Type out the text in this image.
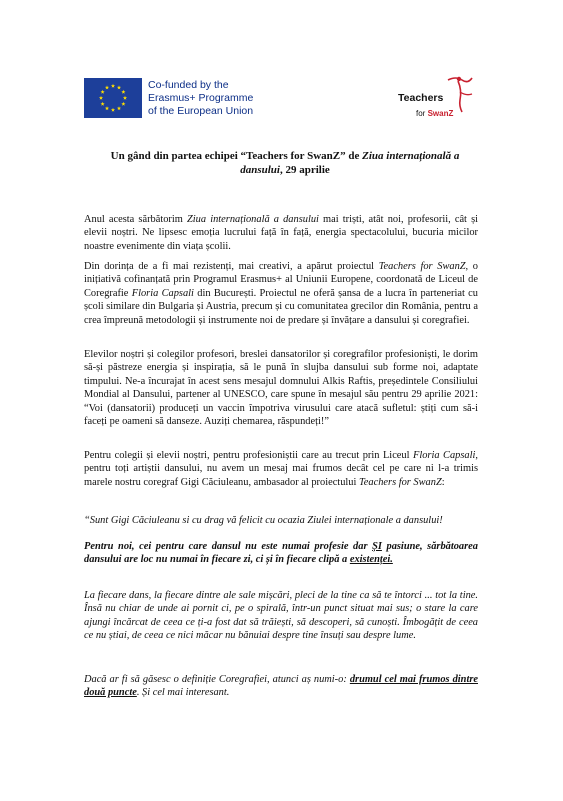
Co-funded by the
Erasmus+ Programme
of the European Union
Teachers
for SwanZ
Un gând din partea echipei “Teachers for SwanZ” de Ziua internațională a dansului, 29 aprilie

Anul acesta sărbătorim Ziua internațională a dansului mai triști, atât noi, profesorii, cât și elevii noștri. Ne lipsesc emoția lucrului față în față, energia spectacolului, bucuria micilor noastre evenimente din viața școlii.

Din dorința de a fi mai rezistenți, mai creativi, a apărut proiectul Teachers for SwanZ, o inițiativă cofinanțată prin Programul Erasmus+ al Uniunii Europene, coordonată de Liceul de Coregrafie Floria Capsali din București. Proiectul ne oferă șansa de a lucra în parteneriat cu școli similare din Bulgaria și Austria, precum și cu comunitatea grecilor din România, pentru a crea împreună metodologii și instrumente noi de predare și învățare a dansului și coregrafiei.

Elevilor noștri și colegilor profesori, breslei dansatorilor și coregrafilor profesioniști, le dorim să-și păstreze energia și inspirația, să le pună în slujba dansului sub forme noi, adaptate timpului. Ne-a încurajat în acest sens mesajul domnului Alkis Raftis, președintele Consiliului Mondial al Dansului, partener al UNESCO, care spune în mesajul său pentru 29 aprilie 2021: “Voi (dansatorii) produceți un vaccin împotriva virusului care atacă sufletul: știți cum să-i faceți pe oameni să danseze. Auziți chemarea, răspundeți!”

Pentru colegii și elevii noștri, pentru profesioniștii care au trecut prin Liceul Floria Capsali, pentru toți artiștii dansului, nu avem un mesaj mai frumos decât cel pe care ni l-a trimis marele nostru coregraf Gigi Căciuleanu, ambasador al proiectului Teachers for SwanZ:

“Sunt Gigi Căciuleanu si cu drag vă felicit cu ocazia Ziulei internaționale a dansului!

Pentru noi, cei pentru care dansul nu este numai profesie dar ȘI pasiune, sărbătoarea dansului are loc nu numai în fiecare zi, ci și în fiecare clipă a existenței.

La fiecare dans, la fiecare dintre ale sale mișcări, pleci de la tine ca să te întorci ... tot la tine. Însă nu chiar de unde ai pornit ci, pe o spirală, într-un punct situat mai sus; o stare la care ajungi încărcat de ceea ce ți-a fost dat să trăiești, să descoperi, să cunoști. Îmbogățit de ceea ce nu știai, de ceea ce nici măcar nu bănuiai despre tine însuți sau despre lume.

Dacă ar fi să găsesc o definiție Coregrafiei, atunci aș numi-o: drumul cel mai frumos dintre două puncte. Și cel mai interesant.
